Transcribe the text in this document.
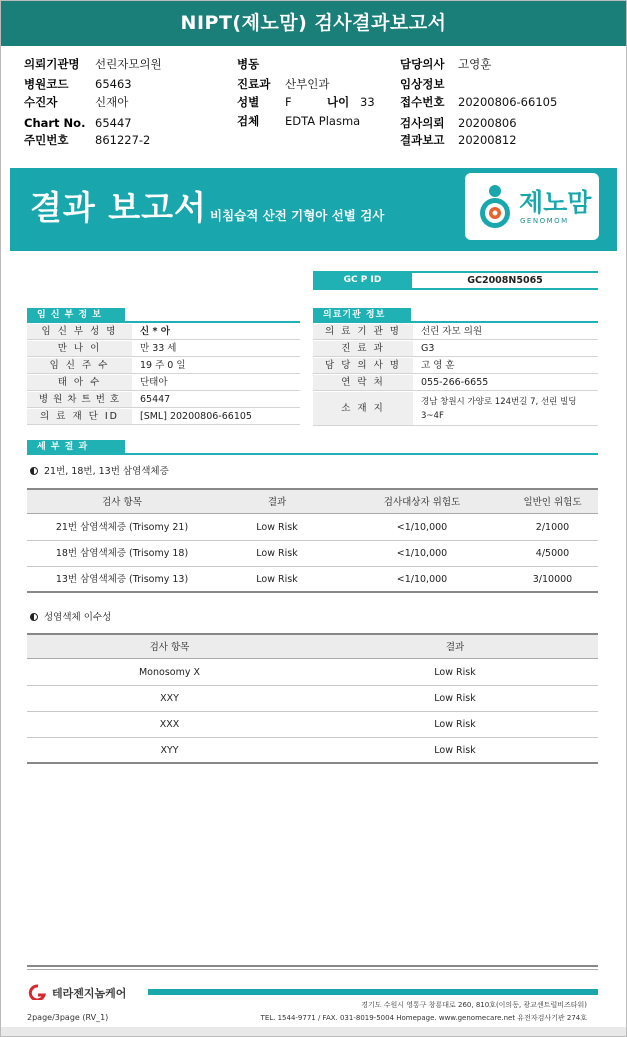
NIPT(제노맘) 검사결과보고서
의뢰기관명 선린자모의원
병원코드 65463
수진자	신재아
Chart No. 65447
주민번호 861227-2
병동
진료과 산부인과
성별 F	나이 33
검체 EDTA Plasma
담당의사 고영훈
임상정보
접수번호 20200806-66105
검사의뢰 20200806
결과보고 20200812
결과 보고서 비침습적 산전 기형아 선별 검사	제노맘
GENOMOM
GC P ID	GC2008N5065
임 신 부 정 보
임 신 부 성 명	신 * 아
만 나 이	만 33 세
임 신 주 수	19 주 0 일
태 아 수	단태아
병 원 차 트 번 호	65447
의 료 재 단 ID	[SML] 20200806-66105
의료기관 정보
의 료 기 관 명	선린 자모 의원
진 료 과	G3
담 당 의 사 명	고 영 훈
연 락 처	055-266-6655
소 재 지
경남 창원시 가양로 124번길 7, 선린 빌딩
3~4F
세 부 결 과
21번, 18번, 13번 삼염색체증
검사 항목	결과	검사대상자 위험도	일반인 위험도
21번 삼염색체증 (Trisomy 21)	Low Risk	<1/10,000	2/1000
18번 삼염색체증 (Trisomy 18)	Low Risk	<1/10,000	4/5000
13번 삼염색체증 (Trisomy 13)	Low Risk	<1/10,000	3/10000
성염색체 이수성
검사 항목	결과
Monosomy X	Low Risk
XXY	Low Risk
XXX	Low Risk
XYY	Low Risk
테라젠지놈케어
경기도 수원시 영통구 창룡대로 260, 810호(이의동, 광교센트럴비즈타워)
TEL. 1544-9771 / FAX. 031-8019-5004 Homepage. www.genomecare.net 유전자검사기관 274호
2page/3page (RV_1)
